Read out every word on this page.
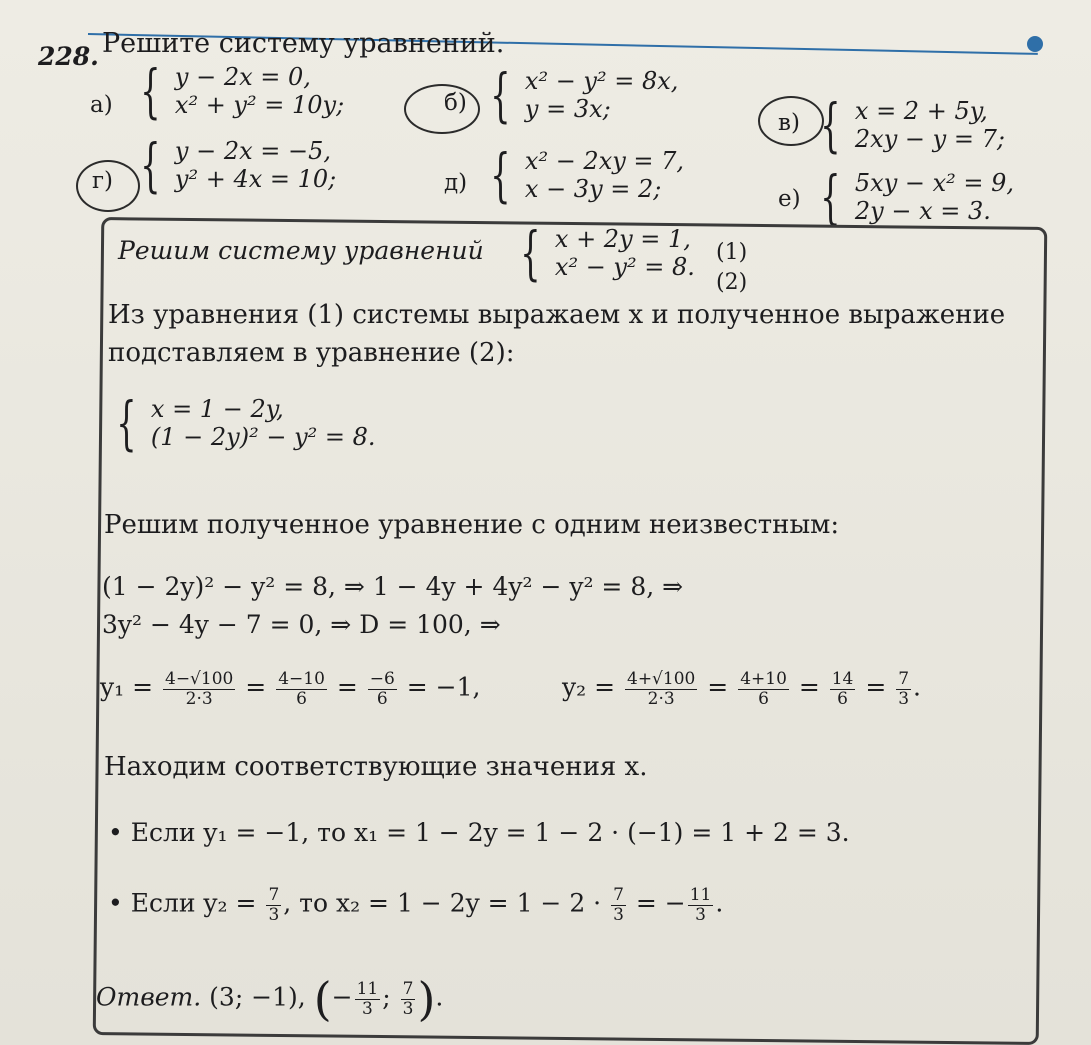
228. Решите систему уравнений.
а) { y − 2x = 0,
x² + y² = 10y;	б) { x² − y² = 8x,
y = 3x;
в) { x = 2 + 5y,
2xy − y = 7;
г) { y − 2x = −5,
y² + 4x = 10;	д) { x² − 2xy = 7,
x − 3y = 2;	е) { 5xy − x² = 9,
2y − x = 3.
Решим систему уравнений { x + 2y = 1,
x² − y² = 8.
(1)
(2)
Из уравнения (1) системы выражаем x и полученное выражение
подставляем в уравнение (2):
{ x = 1 − 2y,
(1 − 2y)² − y² = 8.
Решим полученное уравнение с одним неизвестным:
(1 − 2y)² − y² = 8, ⇒ 1 − 4y + 4y² − y² = 8, ⇒
3y² − 4y − 7 = 0, ⇒ D = 100, ⇒
$y_1 = \frac{4-√100}{2\cdot 3} = \frac{4-10}{6} = \frac{-6}{6} = -1$,	$y_2 = \frac{4+√100}{2\cdot 3} = \frac{4+10}{6} = \frac{14}{6} = \frac{7}{3}$ .
Находим соответствующие значения x.
• Если y₁ = −1, то x₁ = 1 − 2y = 1 − 2 · (−1) = 1 + 2 = 3.
• Если $y_2 = \frac{7}{3}$ , то $x_2 = 1 - 2y = 1 - 2 \cdot \frac{7}{3}$ = − $\frac{11}{3}$ .
Ответ. (3; −1), (− $\frac{11}{3}$ ; $\frac{7}{3}$ ).
